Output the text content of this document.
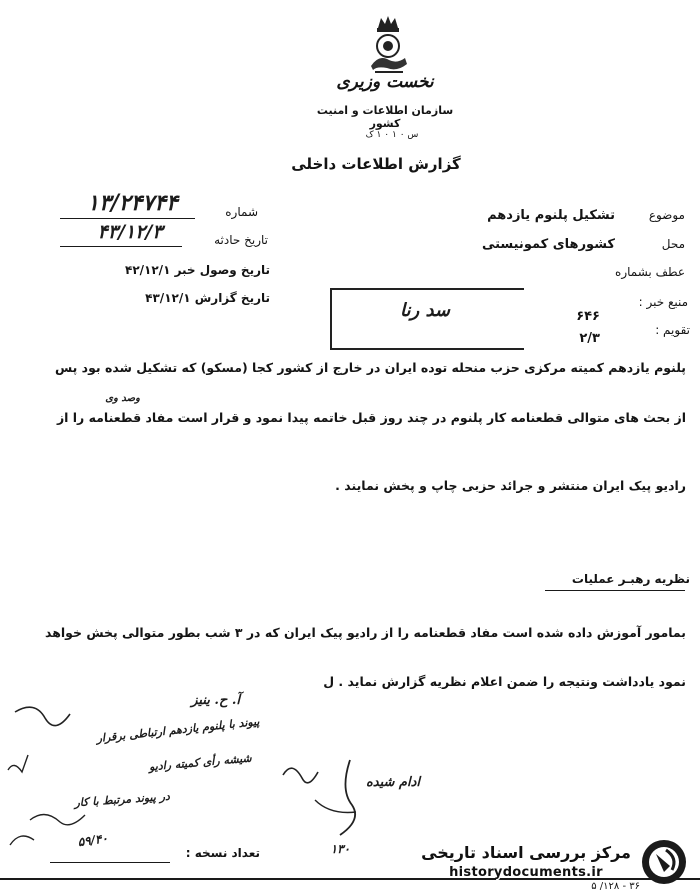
نخست وزیری
سازمان اطلاعات و امنیت کشور
س ۰ ۱ ۰ ۱ ک
گزارش اطلاعات داخلی
شماره
۱۳/۲۴۷۴۴
تاریخ حادثه
۴۳/۱۲/۳
تاریخ وصول خبر ۴۲/۱۲/۱
تاریخ گزارش ۴۳/۱۲/۱
موضوع
تشکیل پلنوم یازدهم
محل
کشورهای کمونیستی
عطف بشماره
سد رنا	منبع خبر :
۶۴۶
تقویم :
۲/۳
پلنوم یازدهم کمیته مرکزی حزب منحله توده ایران در خارج از کشور کجا (مسکو) که تشکیل شده بود پس
وصد وی
از بحث های متوالی قطعنامه کار پلنوم در چند روز قبل خاتمه پیدا نمود و قرار است مفاد قطعنامه را از
رادیو پیک ایران منتشر و جرائد حزبی چاپ و پخش نمایند .
نظریه رهبـر عملیات
بمامور آموزش داده شده است مفاد قطعنامه را از رادیو پیک ایران که در ۳ شب بطور متوالی پخش خواهد
نمود یادداشت ونتیجه را ضمن اعلام نظریه گزارش نماید . ل
آ. ح. ینیز
پیوند با پلنوم یازدهم ارتباطی برقرار
شیشه رأی کمیته رادیو
در پیوند مرتبط با کار
۵۹/۴۰	۱۳۰
ادام شیده
تعداد نسخه :
۳۶ - ۱۲۸/ ۵
مرکز بررسی اسناد تاریخی
historydocuments.ir
